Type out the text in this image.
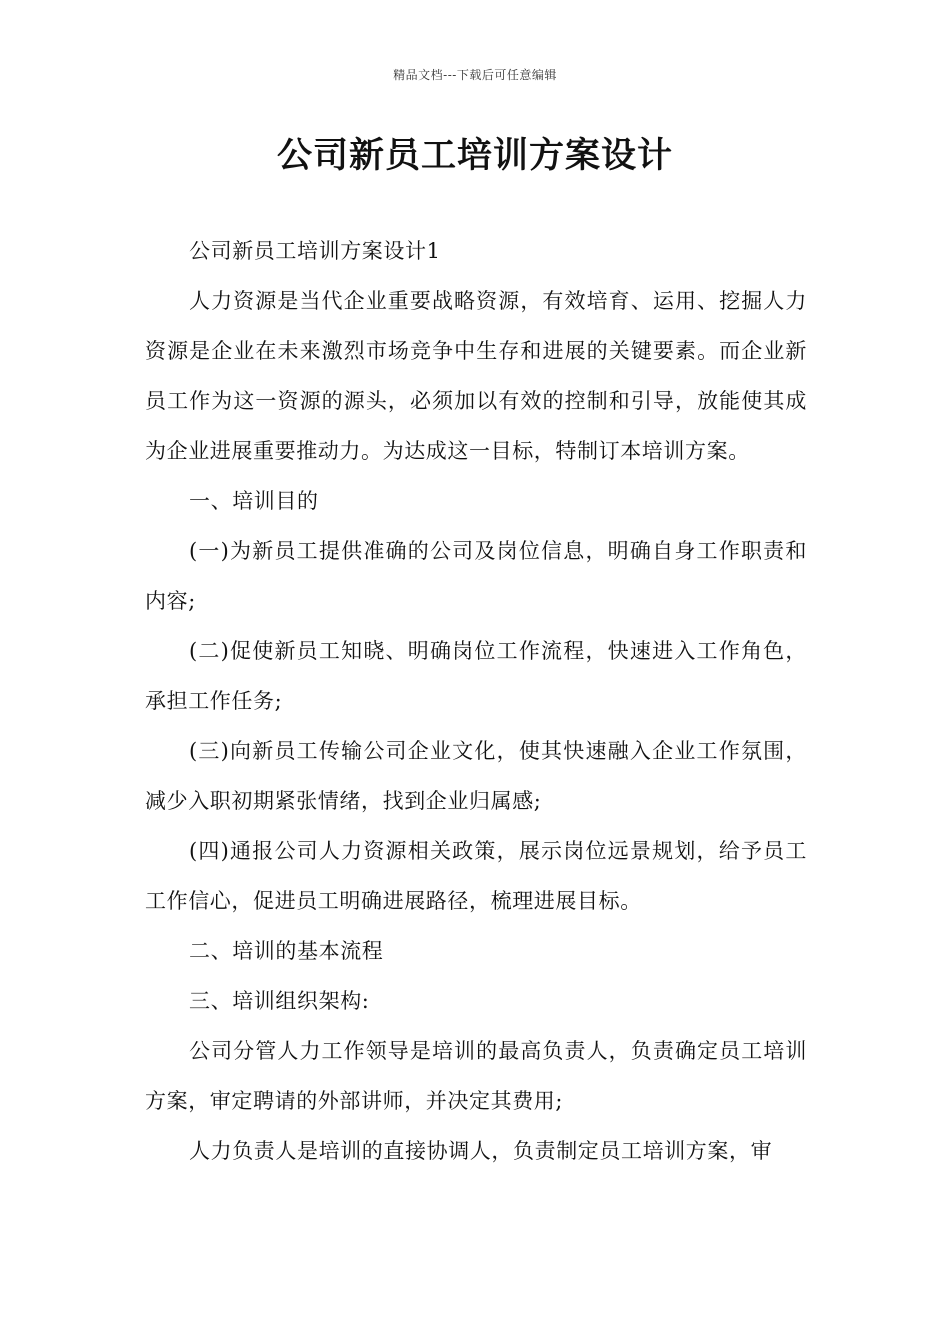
精品文档---下载后可任意编辑
公司新员工培训方案设计

公司新员工培训方案设计1

人力资源是当代企业重要战略资源，有效培育、运用、挖掘人力资源是企业在未来激烈市场竞争中生存和进展的关键要素。而企业新员工作为这一资源的源头，必须加以有效的控制和引导，放能使其成为企业进展重要推动力。为达成这一目标，特制订本培训方案。

一、培训目的

(一)为新员工提供准确的公司及岗位信息，明确自身工作职责和内容;

(二)促使新员工知晓、明确岗位工作流程，快速进入工作角色，承担工作任务;

(三)向新员工传输公司企业文化，使其快速融入企业工作氛围，减少入职初期紧张情绪，找到企业归属感;

(四)通报公司人力资源相关政策，展示岗位远景规划，给予员工工作信心，促进员工明确进展路径，梳理进展目标。

二、培训的基本流程

三、培训组织架构:

公司分管人力工作领导是培训的最高负责人，负责确定员工培训方案，审定聘请的外部讲师，并决定其费用;

人力负责人是培训的直接协调人，负责制定员工培训方案，审
